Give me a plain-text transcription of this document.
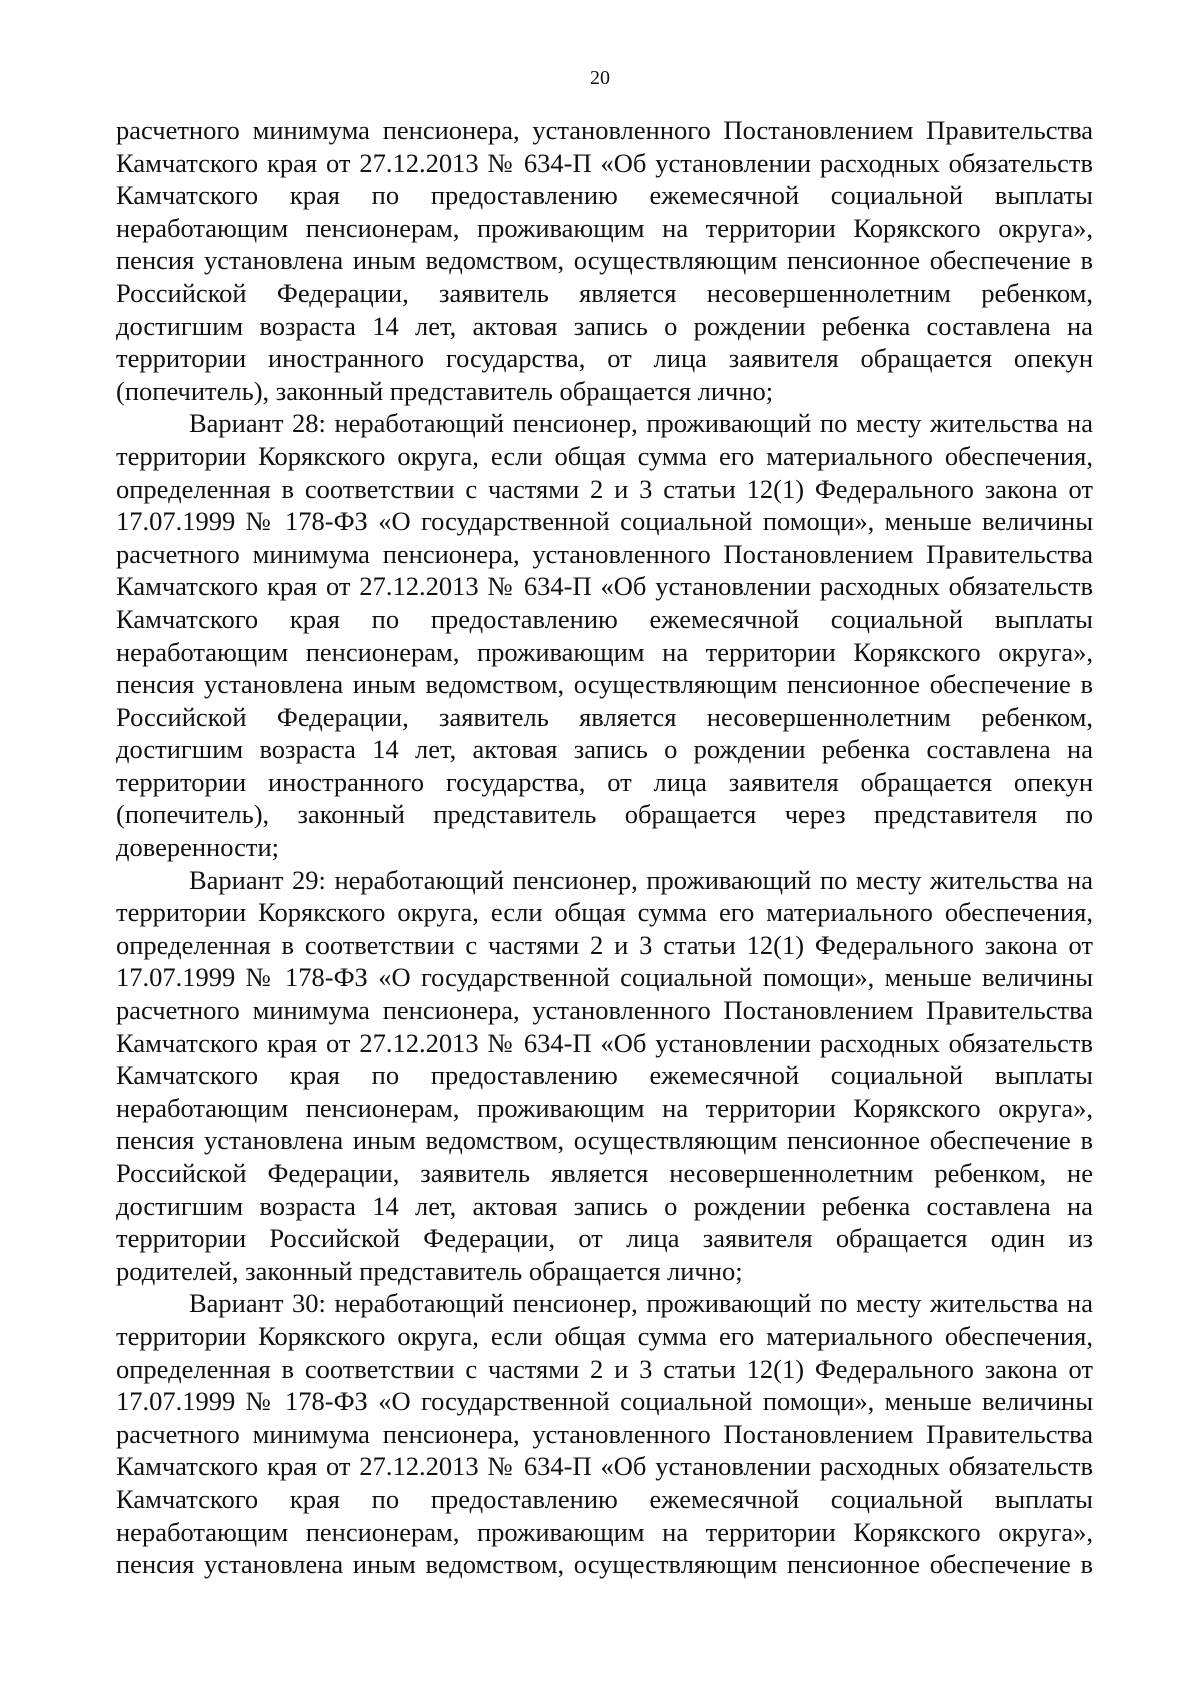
20
расчетного минимума пенсионера, установленного Постановлением Правительства
Камчатского края от 27.12.2013 № 634-П «Об установлении расходных обязательств
Камчатского края по предоставлению ежемесячной социальной выплаты
неработающим пенсионерам, проживающим на территории Корякского округа»,
пенсия установлена иным ведомством, осуществляющим пенсионное обеспечение в
Российской Федерации, заявитель является несовершеннолетним ребенком,
достигшим возраста 14 лет, актовая запись о рождении ребенка составлена на
территории иностранного государства, от лица заявителя обращается опекун
(попечитель), законный представитель обращается лично;
Вариант 28: неработающий пенсионер, проживающий по месту жительства на
территории Корякского округа, если общая сумма его материального обеспечения,
определенная в соответствии с частями 2 и 3 статьи 12(1) Федерального закона от
17.07.1999 № 178-ФЗ «О государственной социальной помощи», меньше величины
расчетного минимума пенсионера, установленного Постановлением Правительства
Камчатского края от 27.12.2013 № 634-П «Об установлении расходных обязательств
Камчатского края по предоставлению ежемесячной социальной выплаты
неработающим пенсионерам, проживающим на территории Корякского округа»,
пенсия установлена иным ведомством, осуществляющим пенсионное обеспечение в
Российской Федерации, заявитель является несовершеннолетним ребенком,
достигшим возраста 14 лет, актовая запись о рождении ребенка составлена на
территории иностранного государства, от лица заявителя обращается опекун
(попечитель), законный представитель обращается через представителя по
доверенности;
Вариант 29: неработающий пенсионер, проживающий по месту жительства на
территории Корякского округа, если общая сумма его материального обеспечения,
определенная в соответствии с частями 2 и 3 статьи 12(1) Федерального закона от
17.07.1999 № 178-ФЗ «О государственной социальной помощи», меньше величины
расчетного минимума пенсионера, установленного Постановлением Правительства
Камчатского края от 27.12.2013 № 634-П «Об установлении расходных обязательств
Камчатского края по предоставлению ежемесячной социальной выплаты
неработающим пенсионерам, проживающим на территории Корякского округа»,
пенсия установлена иным ведомством, осуществляющим пенсионное обеспечение в
Российской Федерации, заявитель является несовершеннолетним ребенком, не
достигшим возраста 14 лет, актовая запись о рождении ребенка составлена на
территории Российской Федерации, от лица заявителя обращается один из
родителей, законный представитель обращается лично;
Вариант 30: неработающий пенсионер, проживающий по месту жительства на
территории Корякского округа, если общая сумма его материального обеспечения,
определенная в соответствии с частями 2 и 3 статьи 12(1) Федерального закона от
17.07.1999 № 178-ФЗ «О государственной социальной помощи», меньше величины
расчетного минимума пенсионера, установленного Постановлением Правительства
Камчатского края от 27.12.2013 № 634-П «Об установлении расходных обязательств
Камчатского края по предоставлению ежемесячной социальной выплаты
неработающим пенсионерам, проживающим на территории Корякского округа»,
пенсия установлена иным ведомством, осуществляющим пенсионное обеспечение в
